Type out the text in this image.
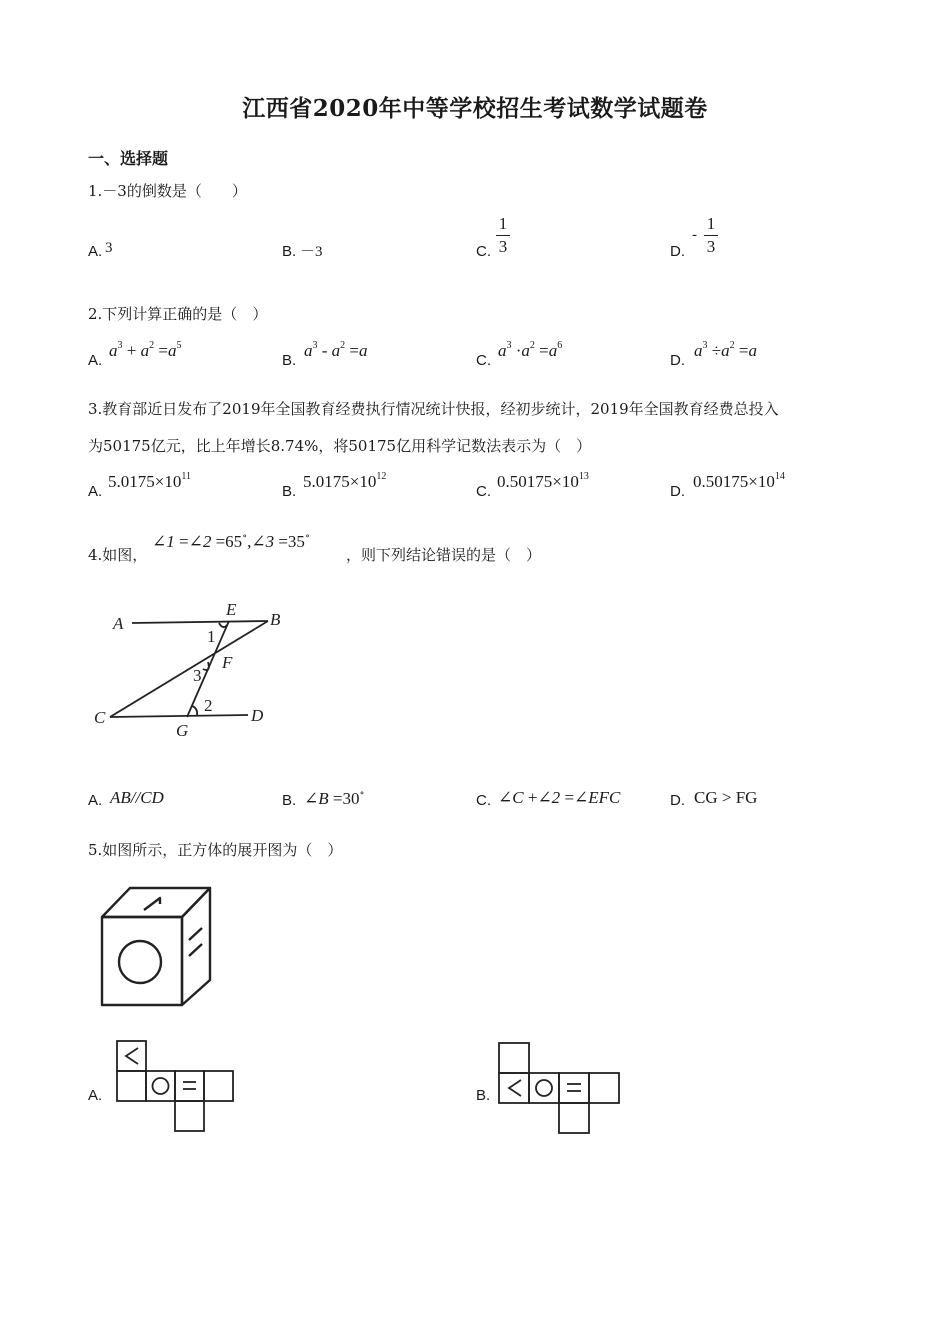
江西省2020年中等学校招生考试数学试题卷
一、选择题
1.－3的倒数是（　　）
A. 3	B. －3	C.
1
3	D.
-
1
3
2.下列计算正确的是（　）
A.
$a^3 + a^2 =a^5$
B.
$a^3 - a^2 =a$
C.
$a^3 \cdot a^2 =a^6$
D.
$a^3 \div a^2 =a$
3.教育部近日发布了2019年全国教育经费执行情况统计快报，经初步统计，2019年全国教育经费总投入
为50175亿元，比上年增长8.74%，将50175亿用科学记数法表示为（　）
A.
$5.0175\times 10^{11}$
B.
$5.0175\times 10^{12}$
C.
$0.50175\times 10^{13}$
D.
$0.50175\times 10^{14}$
4.如图，
∠1 =∠2 =65∘,∠3 =35∘
，则下列结论错误的是（　）
A
E
B
1
F
3
2
C	D
G
A. AB//CD	B. ∠B =30∘	C. ∠C +∠2 =∠EFC	D. CG > FG
5.如图所示，正方体的展开图为（　）
A.	B.
